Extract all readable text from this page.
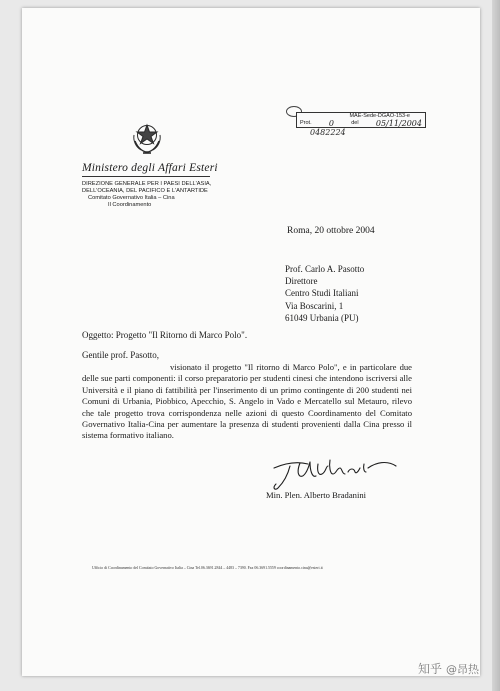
MAE-Sede-DGAO-153-e
Prot. 0	del 05/11/2004
0482224
Ministero degli Affari Esteri
DIREZIONE GENERALE PER I PAESI DELL'ASIA,
DELL'OCEANIA, DEL PACIFICO E L'ANTARTIDE
Comitato Governativo Italia – Cina
Il Coordinamento
Roma, 20 ottobre 2004
Prof. Carlo A. Pasotto
Direttore
Centro Studi Italiani
Via Boscarini, 1
61049 Urbania (PU)
Oggetto: Progetto "Il Ritorno di Marco Polo".
Gentile prof. Pasotto,
visionato il progetto "Il ritorno di Marco Polo", e in particolare due delle sue parti componenti: il corso preparatorio per studenti cinesi che intendono iscriversi alle Università e il piano di fattibilità per l'inserimento di un primo contingente di 200 studenti nei Comuni di Urbania, Piobbico, Apecchio, S. Angelo in Vado e Mercatello sul Metauro, rilevo che tale progetto trova corrispondenza nelle azioni di questo Coordinamento del Comitato Governativo Italia-Cina per aumentare la presenza di studenti provenienti dalla Cina presso il sistema formativo italiano.
Min. Plen. Alberto Bradanini
Ufficio di Coordinamento del Comitato Governativo Italia – Cina Tel.06.3691.2844 – 4483 – 7390. Fax 06.3691.5559 coordinamento.cina@esteri.it
知乎 @昂热
